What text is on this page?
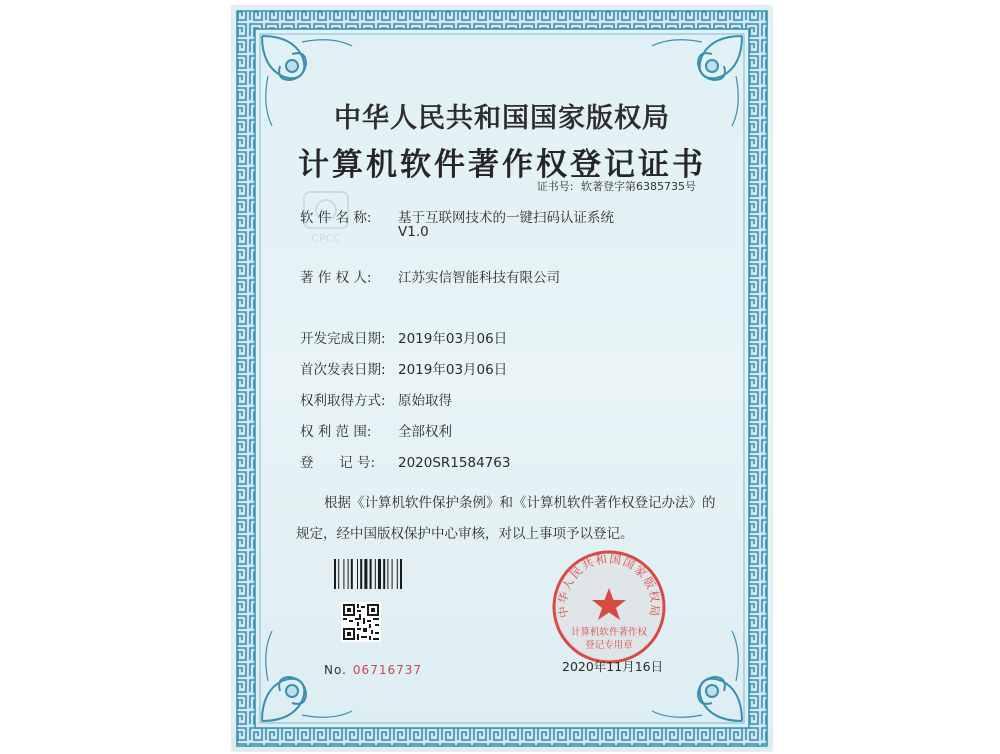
CPCC
中华人民共和国国家版权局
计算机软件著作权登记证书
证书号: 软著登字第6385735号
软 件 名 称: 基于互联网技术的一键扫码认证系统
V1.0
著 作 权 人: 江苏实信智能科技有限公司
开发完成日期: 2019年03月06日
首次发表日期: 2019年03月06日
权利取得方式: 原始取得
权 利 范 围: 全部权利
登      记 号: 2020SR1584763

根据《计算机软件保护条例》和《计算机软件著作权登记办法》的

规定，经中国版权保护中心审核，对以上事项予以登记。

No. 06716737
中华人民共和国国家版权局
计算机软件著作权
登记专用章
2020年11月16日
